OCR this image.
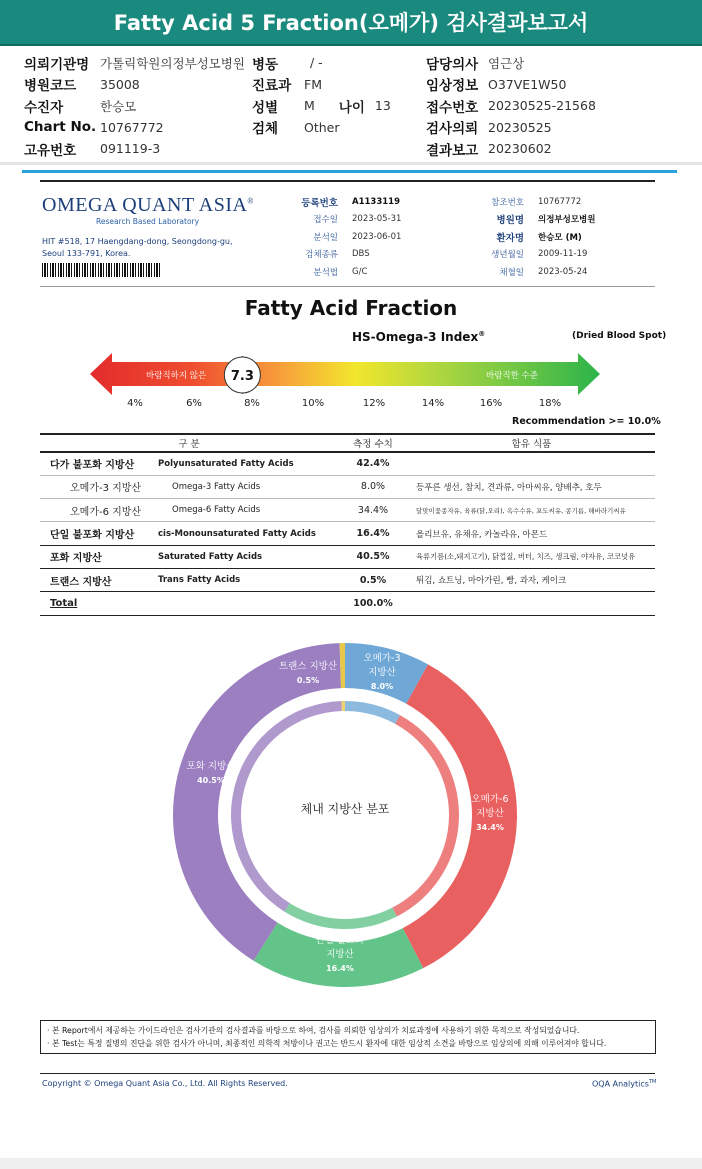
Fatty Acid 5 Fraction(오메가) 검사결과보고서
의뢰기관명 가톨릭학원의정부성모병원
병원코드	35008
수진자	한승모
Chart No. 10767772
고유번호	091119-3
병동	/ -
진료과	FM
성별	M 나이 13
검체	Other
담당의사 염근상
임상정보 O37VE1W50
접수번호 20230525-21568
검사의뢰 20230525
결과보고 20230602
OMEGA QUANT ASIA®
Research Based Laboratory
HIT #518, 17 Haengdang-dong, Seongdong-gu,
Seoul 133-791, Korea.
등록번호 A1133119
접수일 2023-05-31
분석일 2023-06-01
검체종류 DBS
분석법 G/C
참조번호 10767772
병원명 의정부성모병원
환자명 한승모 (M)
생년월일 2009-11-19
채혈일 2023-05-24
Fatty Acid Fraction
HS-Omega-3 Index®	(Dried Blood Spot)
바람직하지 않은	바람직한 수준
7.3
4%	6%	8%	10%	12%	14%	16%	18%
Recommendation >= 10.0%
구 분		측정 수치	함유 식품
다가 불포화 지방산	Polyunsaturated Fatty Acids	42.4%	
오메가-3 지방산	Omega-3 Fatty Acids	8.0%	등푸른 생선, 참치, 견과류, 아마씨유, 양배추, 호두
오메가-6 지방산	Omega-6 Fatty Acids	34.4%	달맞이꽃종자유, 육류(닭,오리), 옥수수유, 포도씨유, 콩기름, 해바라기씨유
단일 불포화 지방산	cis-Monounsaturated Fatty Acids	16.4%	올리브유, 유채유, 카놀라유, 아몬드
포화 지방산	Saturated Fatty Acids	40.5%	육류기름(소,돼지고기), 닭껍질, 버터, 치즈, 생크림, 야자유, 코코넛유
트랜스 지방산	Trans Fatty Acids	0.5%	튀김, 쇼트닝, 마아가린, 빵, 과자, 케이크
Total		100.0%	
체내 지방산 분포
오메가-3
지방산
8.0%
오메가-6
지방산
34.4%
단일 불포화
지방산
16.4%
포화 지방산
40.5%
트랜스 지방산
0.5%
· 본 Report에서 제공하는 가이드라인은 검사기관의 검사결과를 바탕으로 하여, 검사를 의뢰한 임상의가 치료과정에 사용하기 위한 목적으로 작성되었습니다.
· 본 Test는 특정 질병의 진단을 위한 검사가 아니며, 최종적인 의학적 처방이나 권고는 반드시 환자에 대한 임상적 소견을 바탕으로 임상의에 의해 이루어져야 합니다.
Copyright © Omega Quant Asia Co., Ltd. All Rights Reserved.	OQA Analytics™
